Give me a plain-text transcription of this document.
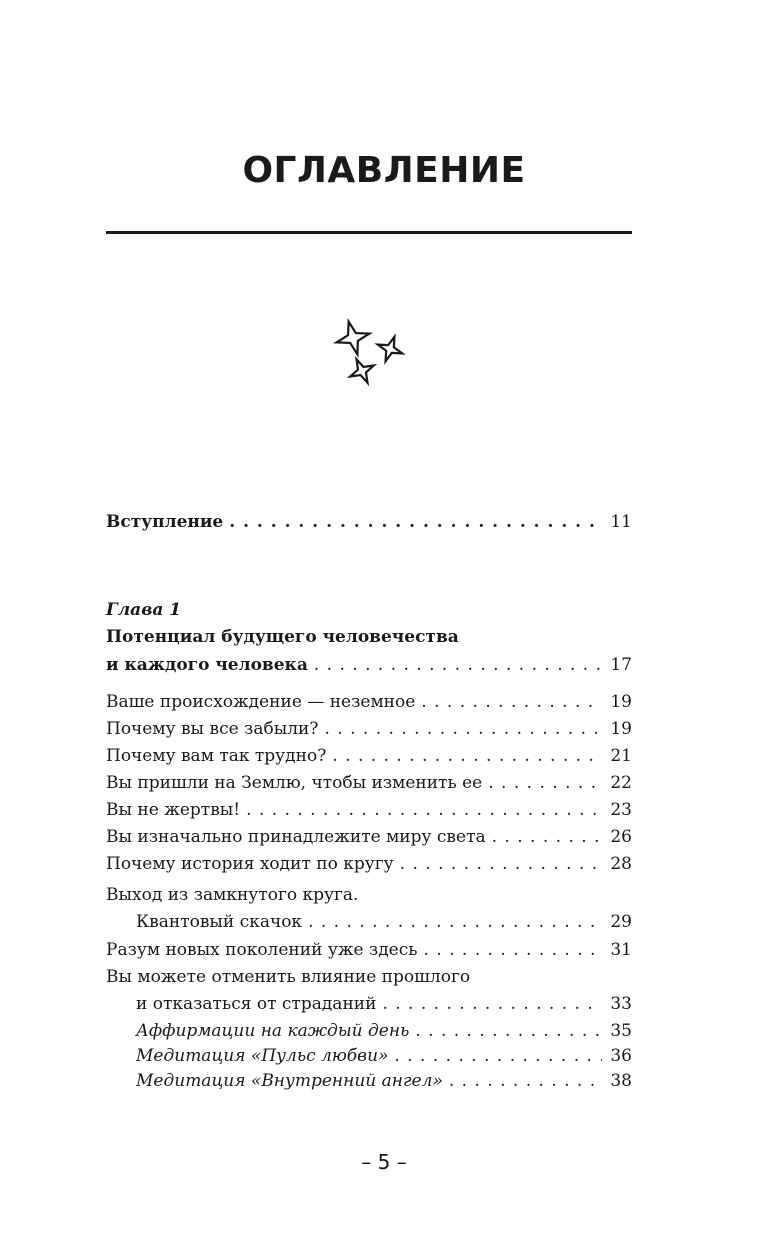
ОГЛАВЛЕНИЕ
Вступление . . .	11
Глава 1
Потенциал будущего человечества
и каждого человека . . .	17
Ваше происхождение — неземное . . .	19
Почему вы все забыли? . . .	19
Почему вам так трудно? . . .	21
Вы пришли на Землю, чтобы изменить ее . . .	22
Вы не жертвы! . . .	23
Вы изначально принадлежите миру света . . .	26
Почему история ходит по кругу . . .	28
Выход из замкнутого круга.
Квантовый скачок . . .	29
Разум новых поколений уже здесь . . .	31
Вы можете отменить влияние прошлого
и отказаться от страданий . . .	33
Аффирмации на каждый день . . .	35
Медитация «Пульс любви» . . .	36
Медитация «Внутренний ангел» . . .	38
– 5 –
